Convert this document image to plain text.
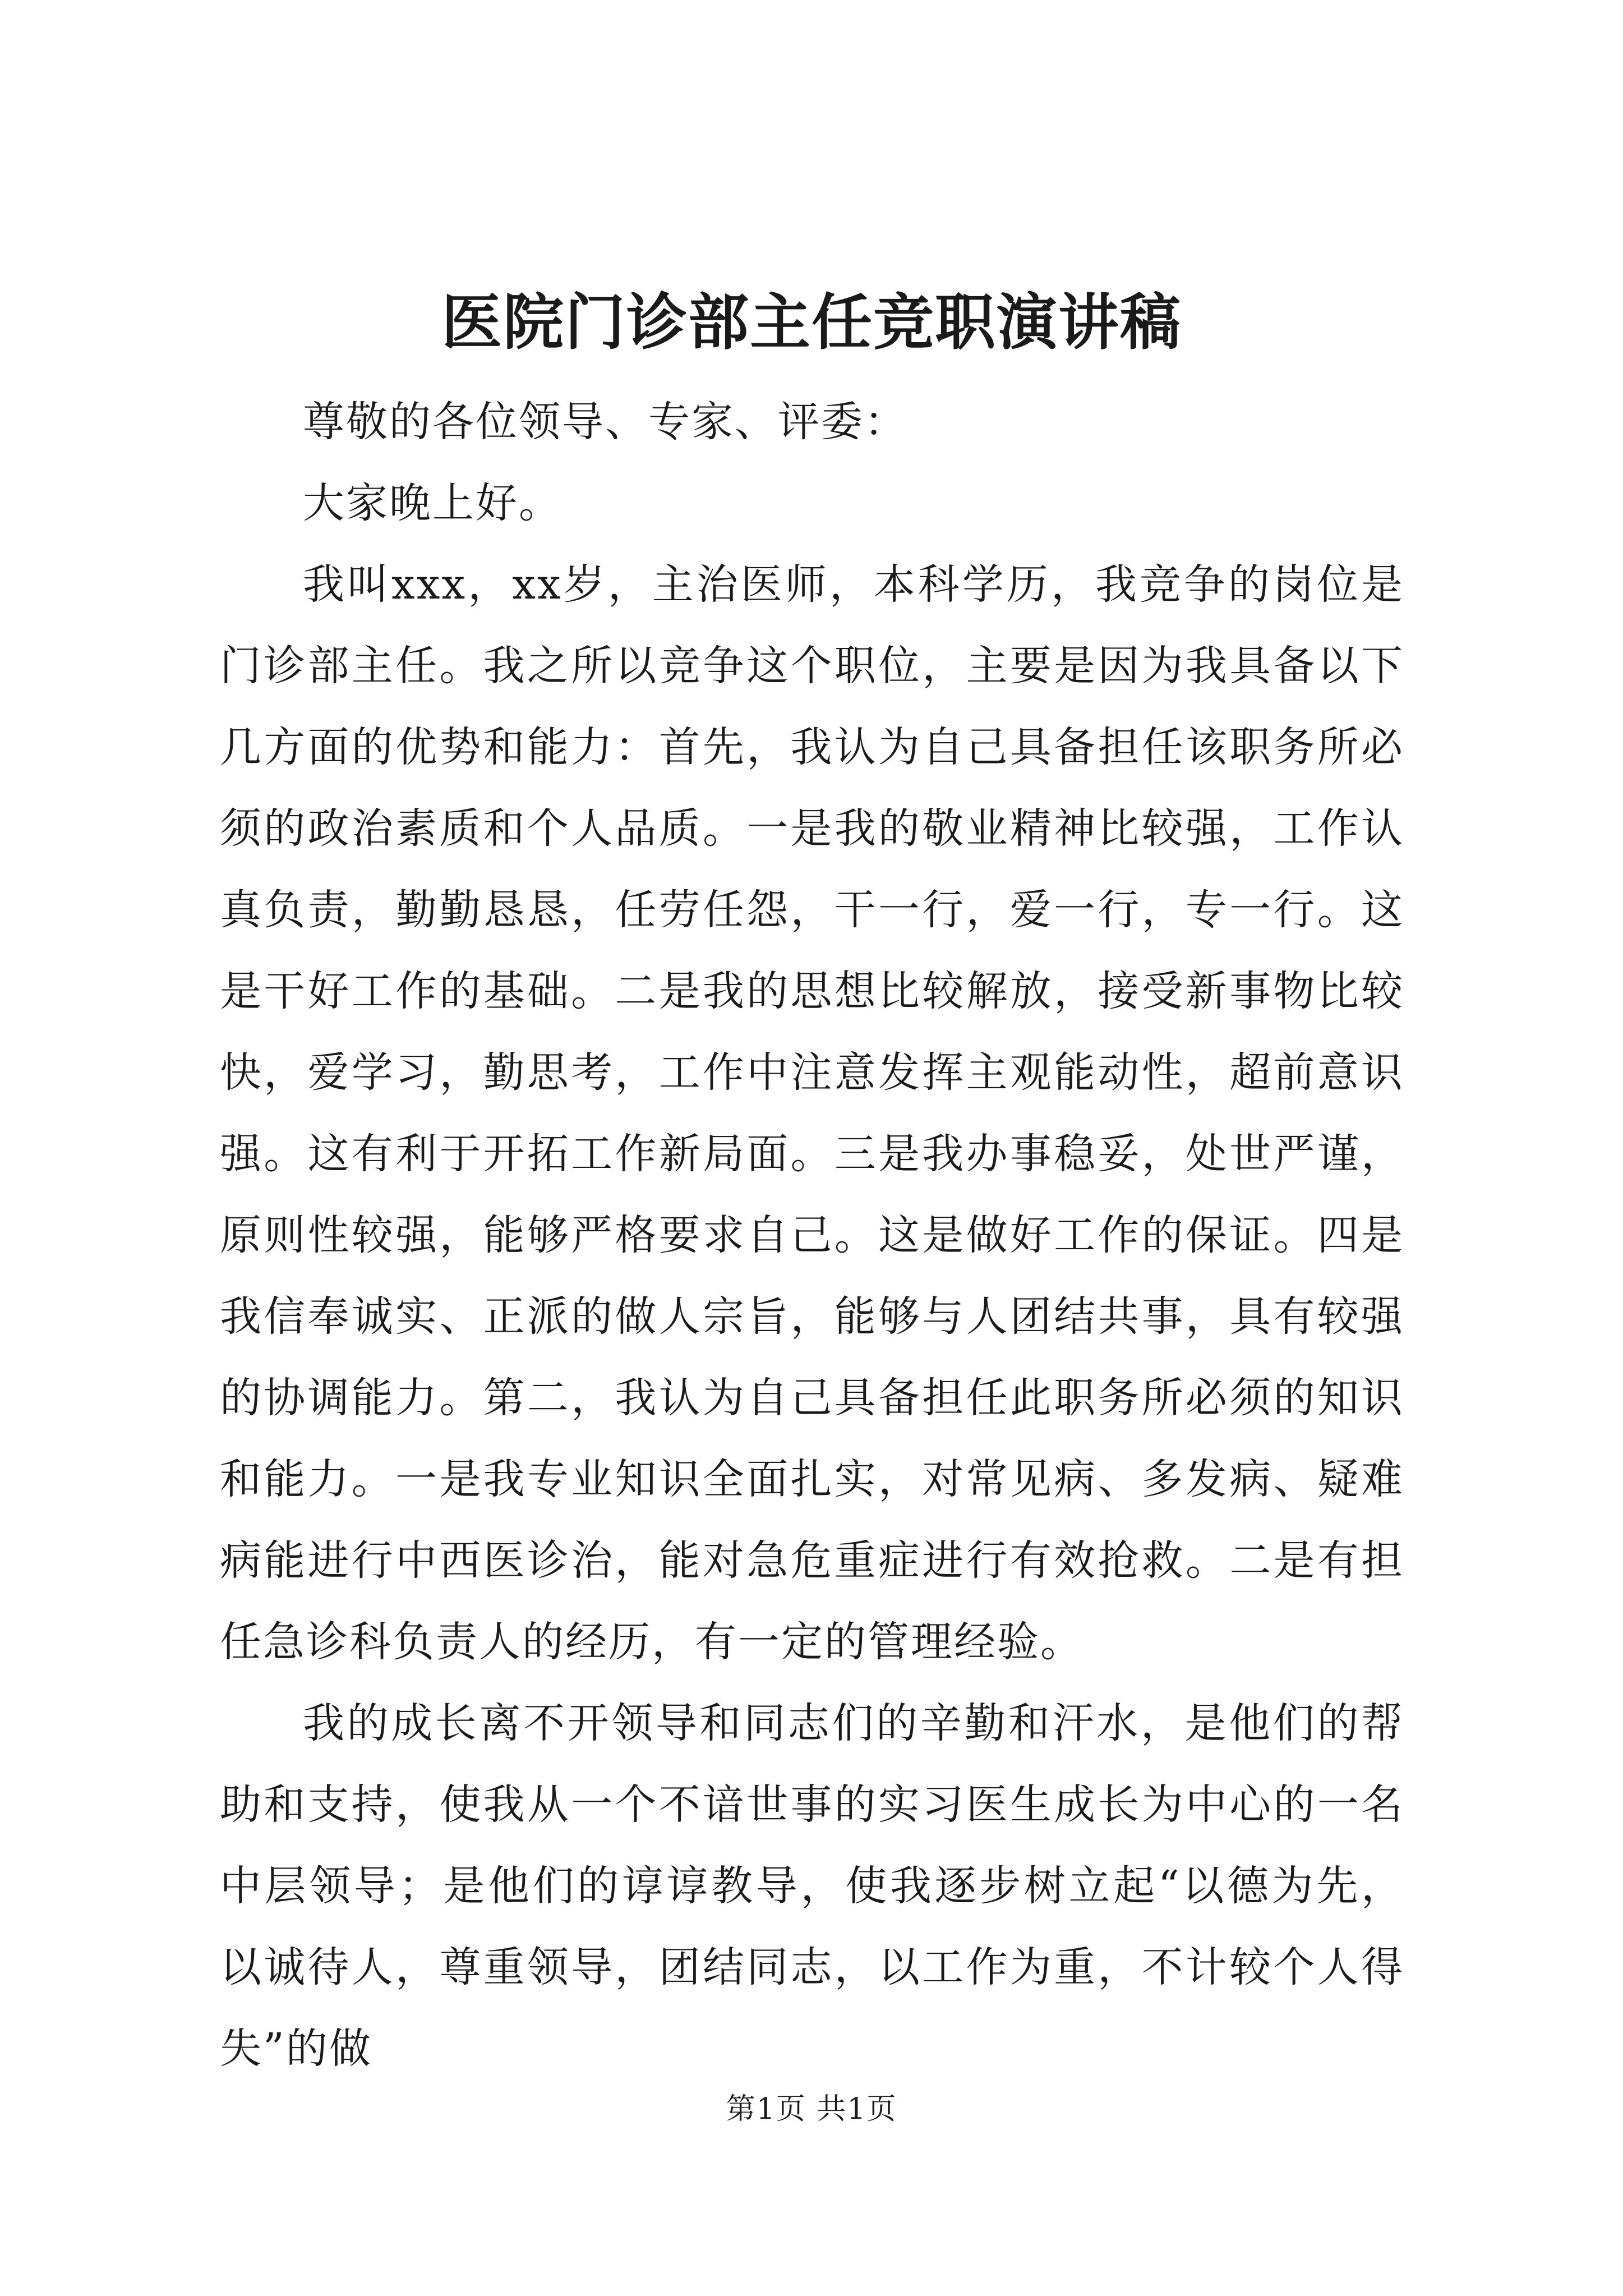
医院门诊部主任竞职演讲稿

尊敬的各位领导、专家、评委：

大家晚上好。

我叫xxx，xx岁，主治医师，本科学历，我竞争的岗位是门诊部主任。我之所以竞争这个职位，主要是因为我具备以下几方面的优势和能力：首先，我认为自己具备担任该职务所必须的政治素质和个人品质。一是我的敬业精神比较强，工作认真负责，勤勤恳恳，任劳任怨，干一行，爱一行，专一行。这是干好工作的基础。二是我的思想比较解放，接受新事物比较快，爱学习，勤思考，工作中注意发挥主观能动性，超前意识强。这有利于开拓工作新局面。三是我办事稳妥，处世严谨，原则性较强，能够严格要求自己。这是做好工作的保证。四是我信奉诚实、正派的做人宗旨，能够与人团结共事，具有较强的协调能力。第二，我认为自己具备担任此职务所必须的知识和能力。一是我专业知识全面扎实，对常见病、多发病、疑难病能进行中西医诊治，能对急危重症进行有效抢救。二是有担任急诊科负责人的经历，有一定的管理经验。

我的成长离不开领导和同志们的辛勤和汗水，是他们的帮助和支持，使我从一个不谙世事的实习医生成长为中心的一名中层领导；是他们的谆谆教导，使我逐步树立起“以德为先，以诚待人，尊重领导，团结同志，以工作为重，不计较个人得失”的做

第1页 共1页
